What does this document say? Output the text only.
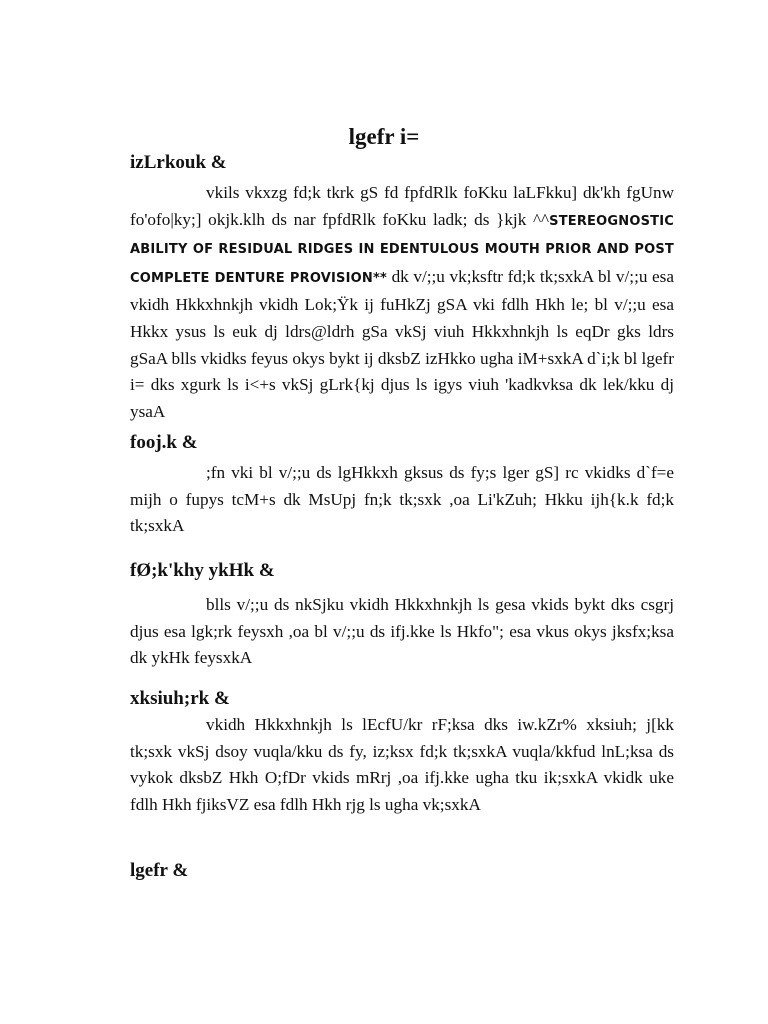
lgefr i=
izLrkouk &

vkils vkxzg fd;k tkrk gS fd fpfdRlk foKku laLFkku] dk'kh fgUnw fo'ofo|ky;] okjk.klh ds nar fpfdRlk foKku ladk; ds }kjk ^^STEREOGNOSTIC ABILITY OF RESIDUAL RIDGES IN EDENTULOUS MOUTH PRIOR AND POST COMPLETE DENTURE PROVISION** dk v/;;u vk;ksftr fd;k tk;sxkA bl v/;;u esa vkidh Hkkxhnkjh vkidh Lok;Ÿk ij fuHkZj gSA vki fdlh Hkh le; bl v/;;u esa Hkkx ysus ls euk dj ldrs@ldrh gSa vkSj viuh Hkkxhnkjh ls eqDr gks ldrs gSaA blls vkidks feyus okys bykt ij dksbZ izHkko ugha iM+sxkA d`i;k bl lgefr i= dks xgurk ls i<+s vkSj gLrk{kj djus ls igys viuh 'kadkvksa dk lek/kku dj ysaA

fooj.k &

;fn vki bl v/;;u ds lgHkkxh gksus ds fy;s lger gS] rc vkidks d`f=e mijh o fupys tcM+s dk MsUpj fn;k tk;sxk ,oa Li'kZuh; Hkku ijh{k.k fd;k tk;sxkA

fØ;k'khy ykHk &

blls v/;;u ds nkSjku vkidh Hkkxhnkjh ls gesa vkids bykt dks csgrj djus esa lgk;rk feysxh ,oa bl v/;;u ds ifj.kke ls Hkfo"; esa vkus okys jksfx;ksa dk ykHk feysxkA

xksiuh;rk &

vkidh Hkkxhnkjh ls lEcfU/kr rF;ksa dks iw.kZr% xksiuh; j[kk tk;sxk vkSj dsoy vuqla/kku ds fy, iz;ksx fd;k tk;sxkA vuqla/kkfud lnL;ksa ds vykok dksbZ Hkh O;fDr vkids mRrj ,oa ifj.kke ugha tku ik;sxkA vkidk uke fdlh Hkh fjiksVZ esa fdlh Hkh rjg ls ugha vk;sxkA

lgefr &
